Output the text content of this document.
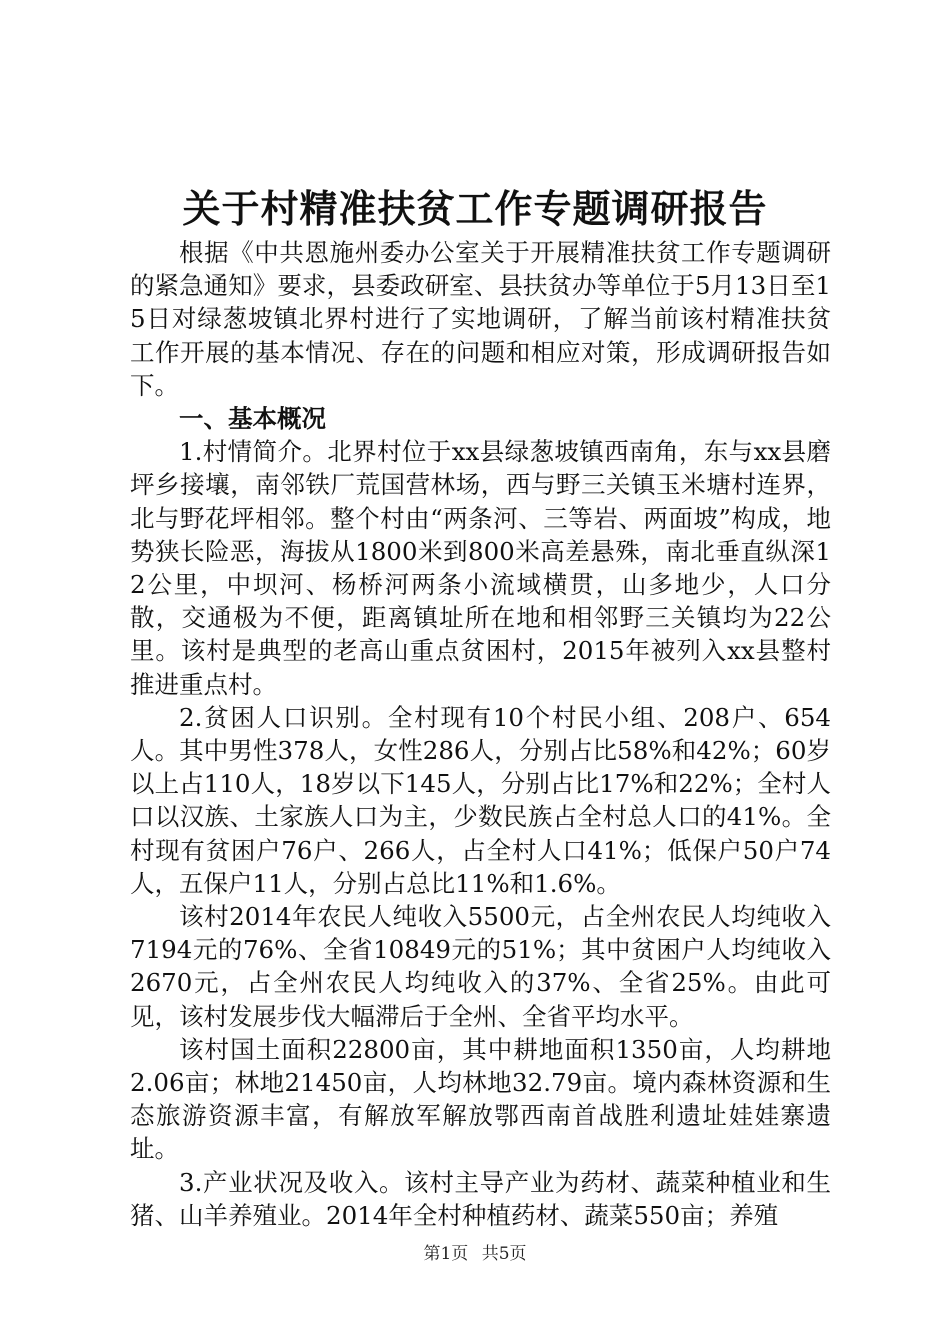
关于村精准扶贫工作专题调研报告

根据《中共恩施州委办公室关于开展精准扶贫工作专题调研的紧急通知》要求，县委政研室、县扶贫办等单位于5月13日至15日对绿葱坡镇北界村进行了实地调研，了解当前该村精准扶贫工作开展的基本情况、存在的问题和相应对策，形成调研报告如下。

一、基本概况

1.村情简介。北界村位于xx县绿葱坡镇西南角，东与xx县磨坪乡接壤，南邻铁厂荒国营林场，西与野三关镇玉米塘村连界，北与野花坪相邻。整个村由“两条河、三等岩、两面坡”构成，地势狭长险恶，海拔从1800米到800米高差悬殊，南北垂直纵深12公里，中坝河、杨桥河两条小流域横贯，山多地少，人口分散，交通极为不便，距离镇址所在地和相邻野三关镇均为22公里。该村是典型的老高山重点贫困村，2015年被列入xx县整村推进重点村。

2.贫困人口识别。全村现有10个村民小组、208户、654人。其中男性378人，女性286人，分别占比58%和42%；60岁以上占110人，18岁以下145人，分别占比17%和22%；全村人口以汉族、土家族人口为主，少数民族占全村总人口的41%。全村现有贫困户76户、266人，占全村人口41%；低保户50户74人，五保户11人，分别占总比11%和1.6%。

该村2014年农民人纯收入5500元，占全州农民人均纯收入7194元的76%、全省10849元的51%；其中贫困户人均纯收入2670元，占全州农民人均纯收入的37%、全省25%。由此可见，该村发展步伐大幅滞后于全州、全省平均水平。

该村国土面积22800亩，其中耕地面积1350亩，人均耕地2.06亩；林地21450亩，人均林地32.79亩。境内森林资源和生态旅游资源丰富，有解放军解放鄂西南首战胜利遗址娃娃寨遗址。

3.产业状况及收入。该村主导产业为药材、蔬菜种植业和生猪、山羊养殖业。2014年全村种植药材、蔬菜550亩；养殖

第1页 共5页
